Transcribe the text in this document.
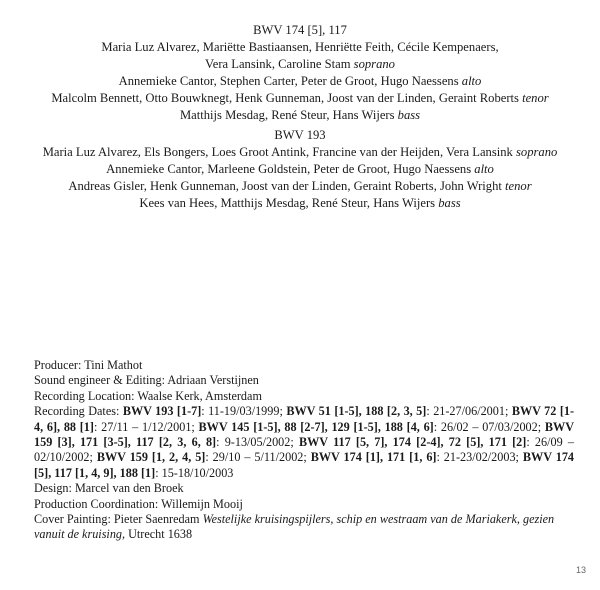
BWV 174 [5], 117
Maria Luz Alvarez, Mariëtte Bastiaansen, Henriëtte Feith, Cécile Kempenaers,
Vera Lansink, Caroline Stam soprano
Annemieke Cantor, Stephen Carter, Peter de Groot, Hugo Naessens alto
Malcolm Bennett, Otto Bouwknegt, Henk Gunneman, Joost van der Linden, Geraint Roberts tenor
Matthijs Mesdag, René Steur, Hans Wijers bass
BWV 193
Maria Luz Alvarez, Els Bongers, Loes Groot Antink, Francine van der Heijden, Vera Lansink soprano
Annemieke Cantor, Marleene Goldstein, Peter de Groot, Hugo Naessens alto
Andreas Gisler, Henk Gunneman, Joost van der Linden, Geraint Roberts, John Wright tenor
Kees van Hees, Matthijs Mesdag, René Steur, Hans Wijers bass
Producer: Tini Mathot
Sound engineer & Editing: Adriaan Verstijnen
Recording Location: Waalse Kerk, Amsterdam
Recording Dates: BWV 193 [1-7]: 11-19/03/1999; BWV 51 [1-5], 188 [2, 3, 5]: 21-27/06/2001; BWV 72 [1-4, 6], 88 [1]: 27/11 – 1/12/2001; BWV 145 [1-5], 88 [2-7], 129 [1-5], 188 [4, 6]: 26/02 – 07/03/2002; BWV 159 [3], 171 [3-5], 117 [2, 3, 6, 8]: 9-13/05/2002; BWV 117 [5, 7], 174 [2-4], 72 [5], 171 [2]: 26/09 – 02/10/2002; BWV 159 [1, 2, 4, 5]: 29/10 – 5/11/2002; BWV 174 [1], 171 [1, 6]: 21-23/02/2003; BWV 174 [5], 117 [1, 4, 9], 188 [1]: 15-18/10/2003
Design: Marcel van den Broek
Production Coordination: Willemijn Mooij
Cover Painting: Pieter Saenredam Westelijke kruisingspijlers, schip en westraam van de Mariakerk, gezien vanuit de kruising, Utrecht 1638
13
